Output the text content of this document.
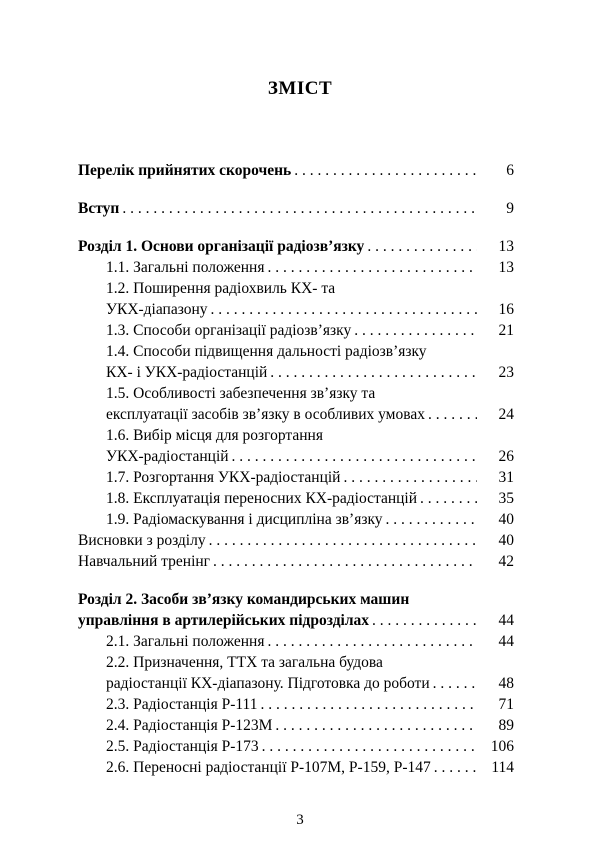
ЗМІСТ
Перелік прийнятих скорочень . . .	6
Вступ . . .	9
Розділ 1. Основи організації радіозв’язку . . .	13
1.1. Загальні положення . . .	13
1.2. Поширення радіохвиль КХ- та
УКХ-діапазону . . .	16
1.3. Способи організації радіозв’язку . . .	21
1.4. Способи підвищення дальності радіозв’язку
КХ- і УКХ-радіостанцій . . .	23
1.5. Особливості забезпечення зв’язку та
експлуатації засобів зв’язку в особливих умовах . . .	24
1.6. Вибір місця для розгортання
УКХ-радіостанцій . . .	26
1.7. Розгортання УКХ-радіостанцій . . .	31
1.8. Експлуатація переносних КХ-радіостанцій . . .	35
1.9. Радіомаскування і дисципліна зв’язку . . .	40
Висновки з розділу . . .	40
Навчальний тренінг . . .	42
Розділ 2. Засоби зв’язку командирських машин
управління в артилерійських підрозділах . . .	44
2.1. Загальні положення . . .	44
2.2. Призначення, ТТХ та загальна будова
радіостанції КХ-діапазону. Підготовка до роботи . . .	48
2.3. Радіостанція Р-111 . . .	71
2.4. Радіостанція Р-123М . . .	89
2.5. Радіостанція Р-173 . . .	106
2.6. Переносні радіостанції Р-107М, Р-159, Р-147 . . .	114
3
